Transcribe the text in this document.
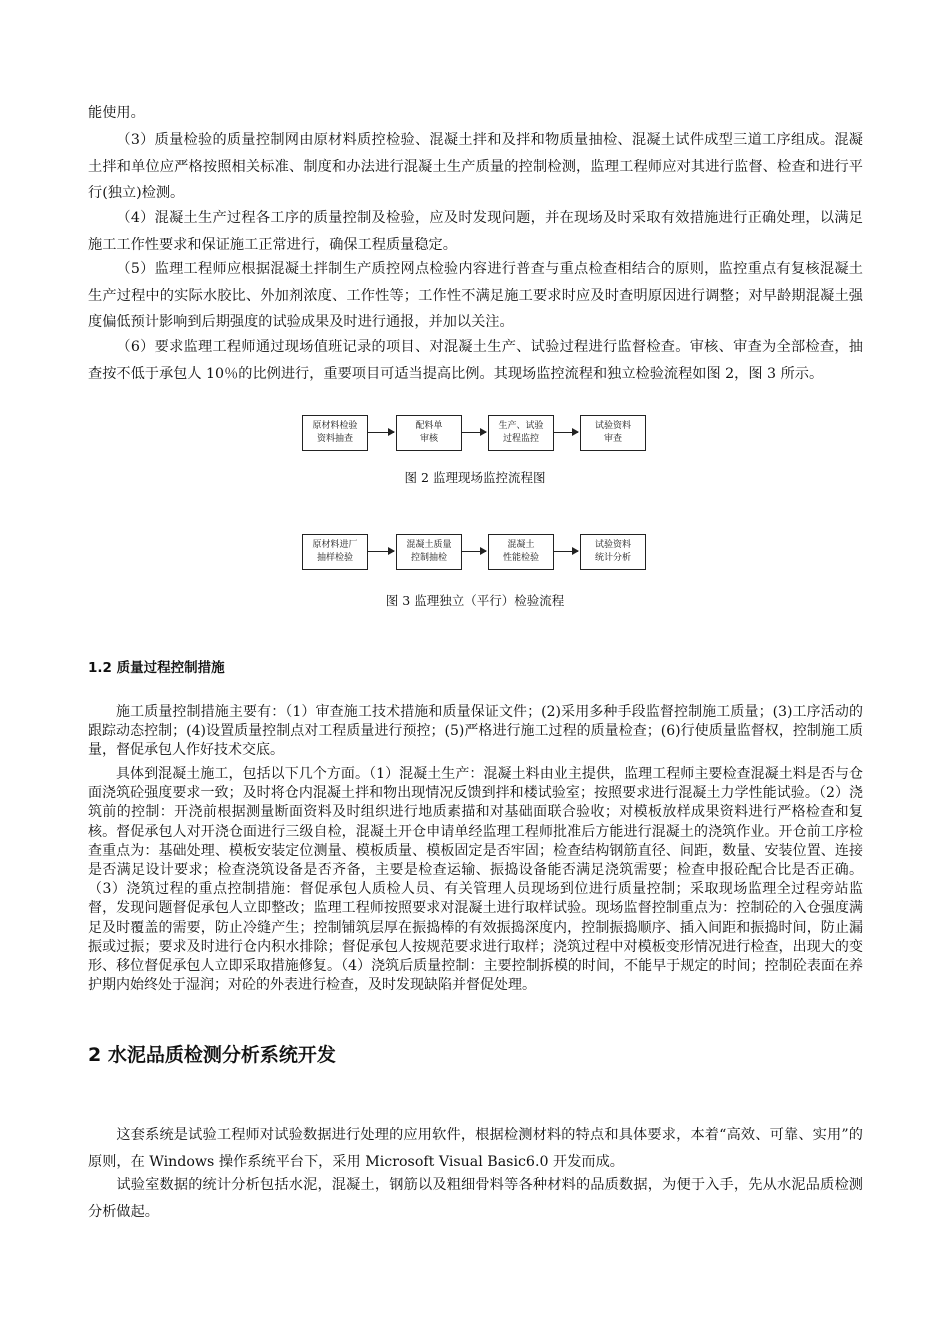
能使用。

（3）质量检验的质量控制网由原材料质控检验、混凝土拌和及拌和物质量抽检、混凝土试件成型三道工序组成。混凝土拌和单位应严格按照相关标准、制度和办法进行混凝土生产质量的控制检测，监理工程师应对其进行监督、检查和进行平行(独立)检测。

（4）混凝土生产过程各工序的质量控制及检验，应及时发现问题，并在现场及时采取有效措施进行正确处理，以满足施工工作性要求和保证施工正常进行，确保工程质量稳定。

（5）监理工程师应根据混凝土拌制生产质控网点检验内容进行普查与重点检查相结合的原则，监控重点有复核混凝土生产过程中的实际水胶比、外加剂浓度、工作性等；工作性不满足施工要求时应及时查明原因进行调整；对早龄期混凝土强度偏低预计影响到后期强度的试验成果及时进行通报，并加以关注。

（6）要求监理工程师通过现场值班记录的项目、对混凝土生产、试验过程进行监督检查。审核、审查为全部检查，抽查按不低于承包人 10％的比例进行，重要项目可适当提高比例。其现场监控流程和独立检验流程如图 2，图 3 所示。

原材料检验
资料抽查
配料单
审核
生产、试验
过程监控
试验资料
审查
图 2 监理现场监控流程图
原材料进厂
抽样检验
混凝土质量
控制抽检
混凝土
性能检验
试验资料
统计分析
图 3 监理独立（平行）检验流程
1.2 质量过程控制措施

施工质量控制措施主要有：（1）审查施工技术措施和质量保证文件；(2)采用多种手段监督控制施工质量；(3)工序活动的跟踪动态控制；(4)设置质量控制点对工程质量进行预控；(5)严格进行施工过程的质量检查；(6)行使质量监督权，控制施工质量，督促承包人作好技术交底。

具体到混凝土施工，包括以下几个方面。（1）混凝土生产：混凝土料由业主提供，监理工程师主要检查混凝土料是否与仓面浇筑砼强度要求一致；及时将仓内混凝土拌和物出现情况反馈到拌和楼试验室；按照要求进行混凝土力学性能试验。（2）浇筑前的控制：开浇前根据测量断面资料及时组织进行地质素描和对基础面联合验收；对模板放样成果资料进行严格检查和复核。督促承包人对开浇仓面进行三级自检，混凝土开仓申请单经监理工程师批准后方能进行混凝土的浇筑作业。开仓前工序检查重点为：基础处理、模板安装定位测量、模板质量、模板固定是否牢固；检查结构钢筋直径、间距，数量、安装位置、连接是否满足设计要求；检查浇筑设备是否齐备，主要是检查运输、振捣设备能否满足浇筑需要；检查申报砼配合比是否正确。（3）浇筑过程的重点控制措施：督促承包人质检人员、有关管理人员现场到位进行质量控制；采取现场监理全过程旁站监督，发现问题督促承包人立即整改；监理工程师按照要求对混凝土进行取样试验。现场监督控制重点为：控制砼的入仓强度满足及时覆盖的需要，防止冷缝产生；控制铺筑层厚在振捣棒的有效振捣深度内，控制振捣顺序、插入间距和振捣时间，防止漏振或过振；要求及时进行仓内积水排除；督促承包人按规范要求进行取样；浇筑过程中对模板变形情况进行检查，出现大的变形、移位督促承包人立即采取措施修复。（4）浇筑后质量控制：主要控制拆模的时间，不能早于规定的时间；控制砼表面在养护期内始终处于湿润；对砼的外表进行检查，及时发现缺陷并督促处理。

2 水泥品质检测分析系统开发

这套系统是试验工程师对试验数据进行处理的应用软件，根据检测材料的特点和具体要求，本着“高效、可靠、实用”的原则，在 Windows 操作系统平台下，采用 Microsoft Visual Basic6.0 开发而成。

试验室数据的统计分析包括水泥，混凝土，钢筋以及粗细骨料等各种材料的品质数据，为便于入手，先从水泥品质检测分析做起。
